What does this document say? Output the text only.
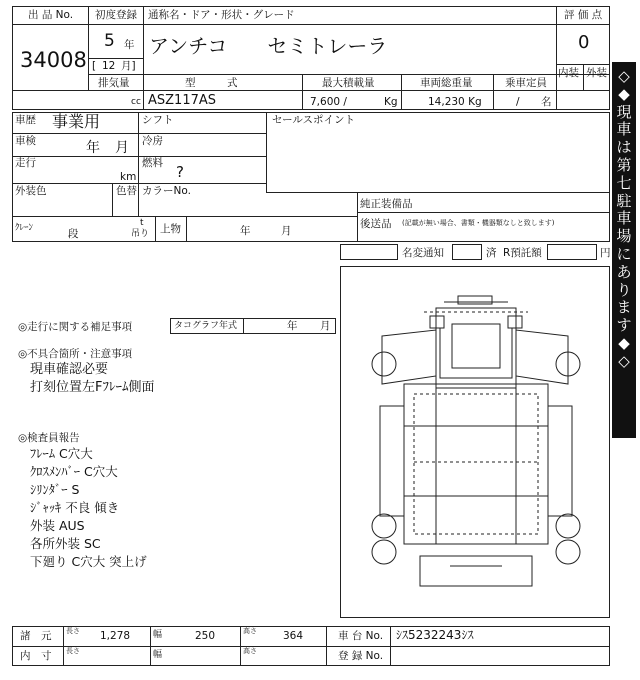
出 品 No.
34008
初度登録 通称名・ドア・形状・グレード	評 価 点
5 年
[ 12 月]
アンチコ　　セミトレーラ	0
内装 外装
排気量	型　　　式	最大積載量	車両総重量	乗車定員
cc ASZ117AS	7,600 /	Kg	14,230 Kg	/ 名
車歴 事業用	シフト	セールスポイント
車検	年 月 冷房
走行
km
燃料 ?
外装色	色替 カラーNo.
純正装備品
後送品 (記載が無い場合、書類・機器類なしと致します)
ｸﾚｰﾝ	段
t
吊り 上物	年	月
名変通知	済 R預託額	円
◎走行に関する補足事項	タコグラフ年式	年 月
◎不具合箇所・注意事項
現車確認必要
打刻位置左Fﾌﾚｰﾑ側面
◎検査員報告
ﾌﾚｰﾑ C穴大
ｸﾛｽﾒﾝﾊﾞｰ C穴大
ｼﾘﾝﾀﾞｰ S
ｼﾞｬｯｷ 不良 傾き
外装 AUS
各所外装 SC
下廻り C穴大 突上げ
諸　元 長さ 1,278	幅	250	高さ 364	車 台 No. ｼｽ5232243ｼｽ
内　寸 長さ	幅	高さ	登 録 No.
◇
◆
現
車
は
第
七
駐
車
場
に
あ
り
ま
す
◆
◇
